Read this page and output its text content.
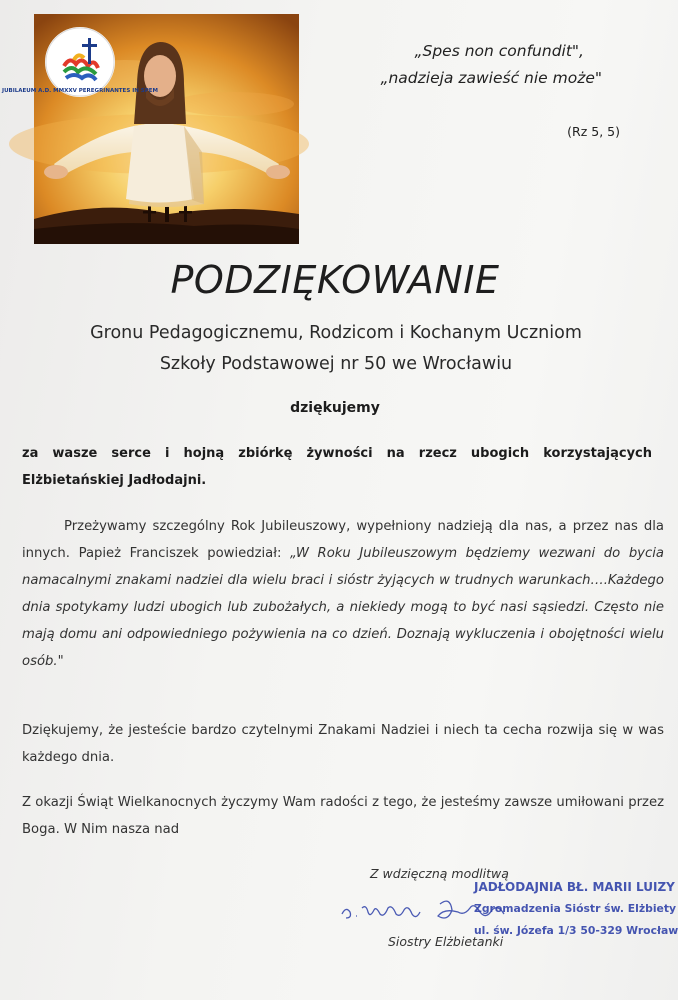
JUBILAEUM A.D. MMXXV PEREGRINANTES IN SPEM
„Spes non confundit",
„nadzieja zawieść nie może"
(Rz 5, 5)
PODZIĘKOWANIE
Gronu Pedagogicznemu, Rodzicom i Kochanym Uczniom
Szkoły Podstawowej nr 50 we Wrocławiu
dziękujemy
za wasze serce i hojną zbiórkę żywności na rzecz ubogich korzystających Elżbietańskiej Jadłodajni.
Przeżywamy szczególny Rok Jubileuszowy, wypełniony nadzieją dla nas, a przez nas dla innych. Papież Franciszek powiedział: „W Roku Jubileuszowym będziemy wezwani do bycia namacalnymi znakami nadziei dla wielu braci i sióstr żyjących w trudnych warunkach….Każdego dnia spotykamy ludzi ubogich lub zubożałych, a niekiedy mogą to być nasi sąsiedzi. Często nie mają domu ani odpowiedniego pożywienia na co dzień. Doznają wykluczenia i obojętności wielu osób."
Dziękujemy, że jesteście bardzo czytelnymi Znakami Nadziei i niech ta cecha rozwija się w was każdego dnia.
Z okazji Świąt Wielkanocnych życzymy Wam radości z tego, że jesteśmy zawsze umiłowani przez Boga. W Nim nasza nad
Z wdzięczną modlitwą
Siostry Elżbietanki
JADŁODAJNIA BŁ. MARII LUIZY
Zgromadzenia Sióstr św. Elżbiety
ul. św. Józefa 1/3 50-329 Wrocław
